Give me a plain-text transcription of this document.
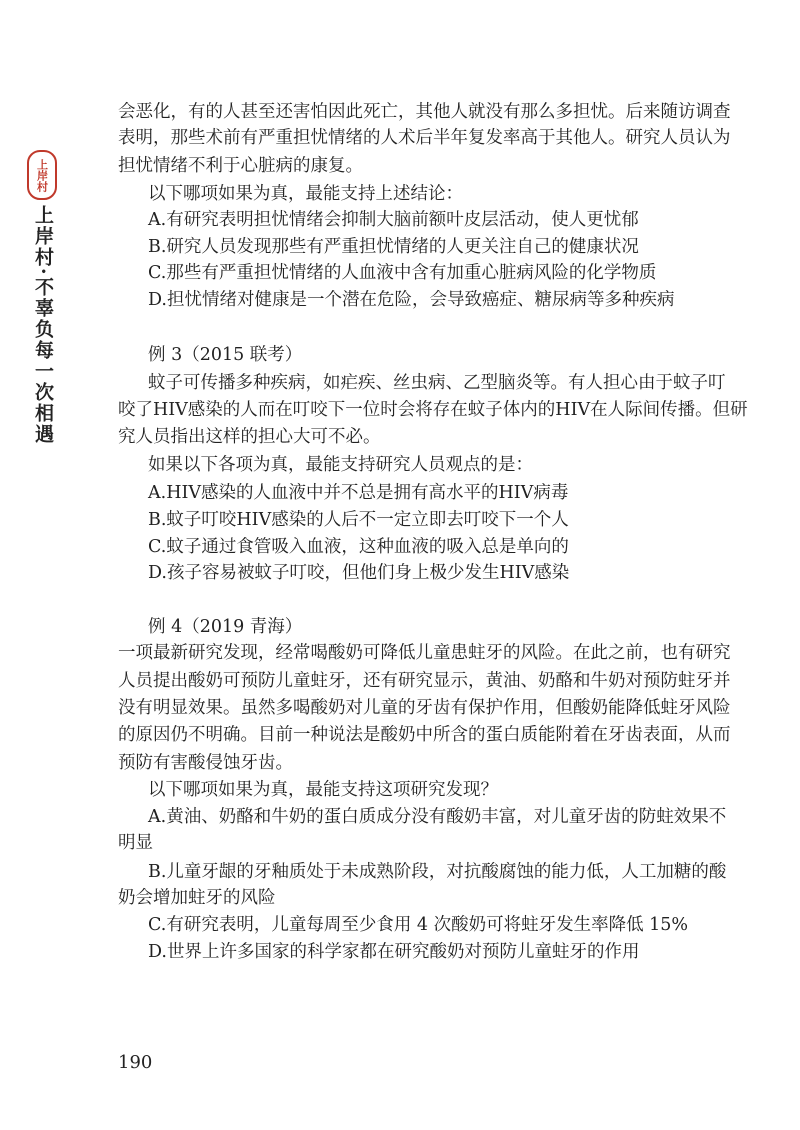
上岸村
上岸村·不辜负每一次相遇
会恶化，有的人甚至还害怕因此死亡，其他人就没有那么多担忧。后来随访调查
表明，那些术前有严重担忧情绪的人术后半年复发率高于其他人。研究人员认为
担忧情绪不利于心脏病的康复。
以下哪项如果为真，最能支持上述结论：
A.有研究表明担忧情绪会抑制大脑前额叶皮层活动，使人更忧郁
B.研究人员发现那些有严重担忧情绪的人更关注自己的健康状况
C.那些有严重担忧情绪的人血液中含有加重心脏病风险的化学物质
D.担忧情绪对健康是一个潜在危险，会导致癌症、糖尿病等多种疾病
例 3（2015 联考）
蚊子可传播多种疾病，如疟疾、丝虫病、乙型脑炎等。有人担心由于蚊子叮
咬了HIV感染的人而在叮咬下一位时会将存在蚊子体内的HIV在人际间传播。但研
究人员指出这样的担心大可不必。
如果以下各项为真，最能支持研究人员观点的是：
A.HIV感染的人血液中并不总是拥有高水平的HIV病毒
B.蚊子叮咬HIV感染的人后不一定立即去叮咬下一个人
C.蚊子通过食管吸入血液，这种血液的吸入总是单向的
D.孩子容易被蚊子叮咬，但他们身上极少发生HIV感染
例 4（2019 青海）
一项最新研究发现，经常喝酸奶可降低儿童患蛀牙的风险。在此之前，也有研究
人员提出酸奶可预防儿童蛀牙，还有研究显示，黄油、奶酪和牛奶对预防蛀牙并
没有明显效果。虽然多喝酸奶对儿童的牙齿有保护作用，但酸奶能降低蛀牙风险
的原因仍不明确。目前一种说法是酸奶中所含的蛋白质能附着在牙齿表面，从而
预防有害酸侵蚀牙齿。
以下哪项如果为真，最能支持这项研究发现？
A.黄油、奶酪和牛奶的蛋白质成分没有酸奶丰富，对儿童牙齿的防蛀效果不
明显
B.儿童牙龈的牙釉质处于未成熟阶段，对抗酸腐蚀的能力低，人工加糖的酸
奶会增加蛀牙的风险
C.有研究表明，儿童每周至少食用 4 次酸奶可将蛀牙发生率降低 15%
D.世界上许多国家的科学家都在研究酸奶对预防儿童蛀牙的作用
190
